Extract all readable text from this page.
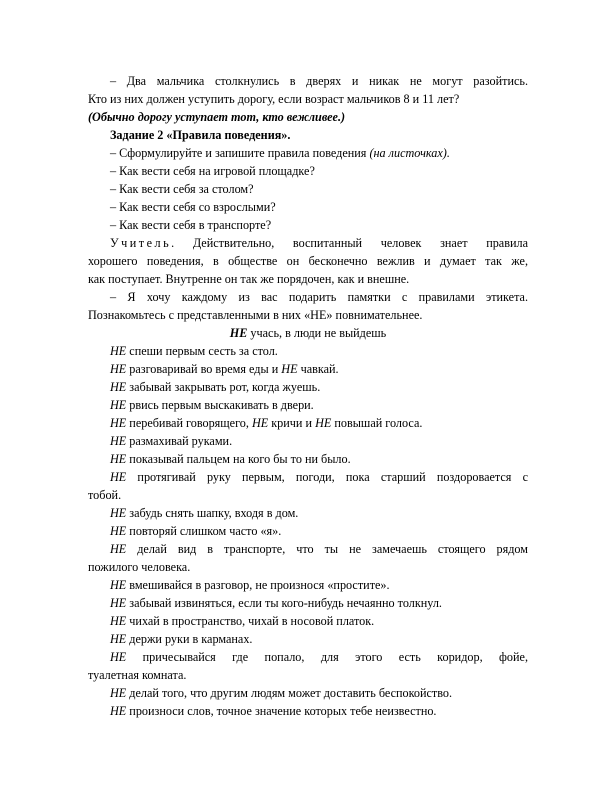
– Два мальчика столкнулись в дверях и никак не могут разойтись.

Кто из них должен уступить дорогу, если возраст мальчиков 8 и 11 лет?

(Обычно дорогу уступает тот, кто вежливее.)

Задание 2 «Правила поведения».

– Сформулируйте и запишите правила поведения (на листочках).

– Как вести себя на игровой площадке?

– Как вести себя за столом?

– Как вести себя со взрослыми?

– Как вести себя в транспорте?

Учитель. Действительно, воспитанный человек знает правила

хорошего поведения, в обществе он бесконечно вежлив и думает так же,

как поступает. Внутренне он так же порядочен, как и внешне.

– Я хочу каждому из вас подарить памятки с правилами этикета.

Познакомьтесь с представленными в них «НЕ» повнимательнее.

НЕ учась, в люди не выйдешь

НЕ спеши первым сесть за стол.

НЕ разговаривай во время еды и НЕ чавкай.

НЕ забывай закрывать рот, когда жуешь.

НЕ рвись первым выскакивать в двери.

НЕ перебивай говорящего, НЕ кричи и НЕ повышай голоса.

НЕ размахивай руками.

НЕ показывай пальцем на кого бы то ни было.

НЕ протягивай руку первым, погоди, пока старший поздоровается с

тобой.

НЕ забудь снять шапку, входя в дом.

НЕ повторяй слишком часто «я».

НЕ делай вид в транспорте, что ты не замечаешь стоящего рядом

пожилого человека.

НЕ вмешивайся в разговор, не произнося «простите».

НЕ забывай извиняться, если ты кого-нибудь нечаянно толкнул.

НЕ чихай в пространство, чихай в носовой платок.

НЕ держи руки в карманах.

НЕ причесывайся где попало, для этого есть коридор, фойе,

туалетная комната.

НЕ делай того, что другим людям может доставить беспокойство.

НЕ произноси слов, точное значение которых тебе неизвестно.
